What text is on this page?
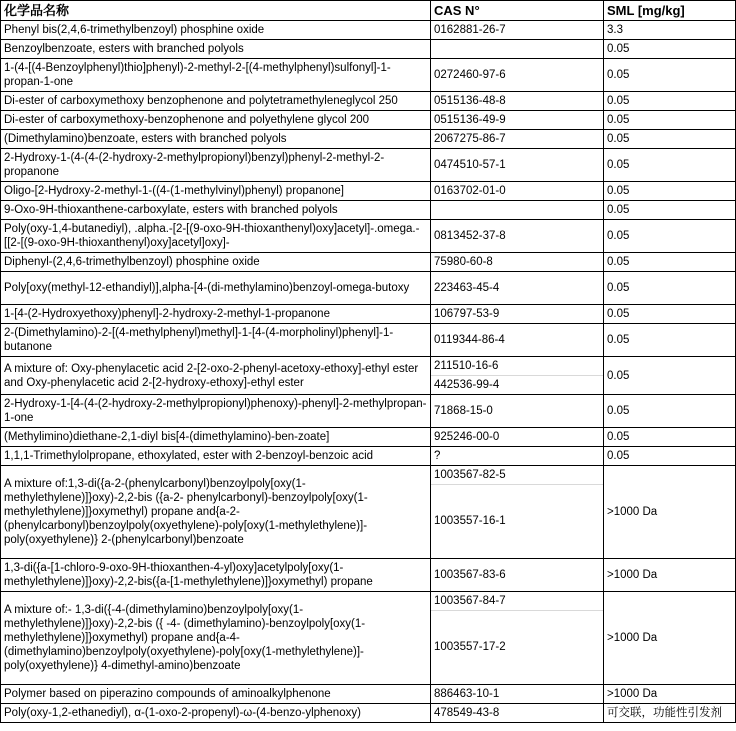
化学品名称	CAS N°	SML [mg/kg]
Phenyl bis(2,4,6-trimethylbenzoyl) phosphine oxide	0162881-26-7	3.3
Benzoylbenzoate, esters with branched polyols		0.05
1-(4-[(4-Benzoylphenyl)thio]phenyl)-2-methyl-2-[(4-methylphenyl)sulfonyl]-1-propan-1-one	0272460-97-6	0.05
Di-ester of carboxymethoxy benzophenone and polytetramethyleneglycol 250	0515136-48-8	0.05
Di-ester of carboxymethoxy-benzophenone and polyethylene glycol 200	0515136-49-9	0.05
(Dimethylamino)benzoate, esters with branched polyols	2067275-86-7	0.05
2-Hydroxy-1-(4-(4-(2-hydroxy-2-methylpropionyl)benzyl)phenyl-2-methyl-2-propanone	0474510-57-1	0.05
Oligo-[2-Hydroxy-2-methyl-1-((4-(1-methylvinyl)phenyl) propanone]	0163702-01-0	0.05
9-Oxo-9H-thioxanthene-carboxylate, esters with branched polyols		0.05
Poly(oxy-1,4-butanediyl), .alpha.-[2-[(9-oxo-9H-thioxanthenyl)oxy]acetyl]-.omega.-[[2-[(9-oxo-9H-thioxanthenyl)oxy]acetyl]oxy]-	0813452-37-8	0.05
Diphenyl-(2,4,6-trimethylbenzoyl) phosphine oxide	75980-60-8	0.05
Poly[oxy(methyl-12-ethandiyl)],alpha-[4-(di-methylamino)benzoyl-omega-butoxy	223463-45-4	0.05
1-[4-(2-Hydroxyethoxy)phenyl]-2-hydroxy-2-methyl-1-propanone	106797-53-9	0.05
2-(Dimethylamino)-2-[(4-methylphenyl)methyl]-1-[4-(4-morpholinyl)phenyl]-1-butanone	0119344-86-4	0.05
A mixture of: Oxy-phenylacetic acid 2-[2-oxo-2-phenyl-acetoxy-ethoxy]-ethyl ester and Oxy-phenylacetic acid 2-[2-hydroxy-ethoxy]-ethyl ester	211510-16-6
442536-99-4	0.05
2-Hydroxy-1-[4-(4-(2-hydroxy-2-methylpropionyl)phenoxy)-phenyl]-2-methylpropan-1-one	71868-15-0	0.05
(Methylimino)diethane-2,1-diyl bis[4-(dimethylamino)-ben-zoate]	925246-00-0	0.05
1,1,1-Trimethylolpropane, ethoxylated, ester with 2-benzoyl-benzoic acid	?	0.05
A mixture of:1,3-di({a-2-(phenylcarbonyl)benzoylpoly[oxy(1-methylethylene)]}oxy)-2,2-bis ({a-2- phenylcarbonyl)-benzoylpoly[oxy(1-methylethylene)]}oxymethyl) propane and{a-2-(phenylcarbonyl)benzoylpoly(oxyethylene)-poly[oxy(1-methylethylene)]-poly(oxyethylene)} 2-(phenylcarbonyl)benzoate	1003567-82-5
1003557-16-1	>1000 Da
1,3-di({a-[1-chloro-9-oxo-9H-thioxanthen-4-yl)oxy]acetylpoly[oxy(1-methylethylene)]}oxy)-2,2-bis({a-[1-methylethylene)]}oxymethyl) propane	1003567-83-6	>1000 Da
A mixture of:- 1,3-di({-4-(dimethylamino)benzoylpoly[oxy(1-methylethylene)]}oxy)-2,2-bis ({ -4- (dimethylamino)-benzoylpoly[oxy(1-methylethylene)]}oxymethyl) propane and{a-4-(dimethylamino)benzoylpoly(oxyethylene)-poly[oxy(1-methylethylene)]-poly(oxyethylene)} 4-dimethyl-amino)benzoate	1003567-84-7
1003557-17-2	>1000 Da
Polymer based on piperazino compounds of aminoalkylphenone	886463-10-1	>1000 Da
Poly(oxy-1,2-ethanediyl), α-(1-oxo-2-propenyl)-ω-(4-benzo-ylphenoxy)	478549-43-8	可交联，功能性引发剂
